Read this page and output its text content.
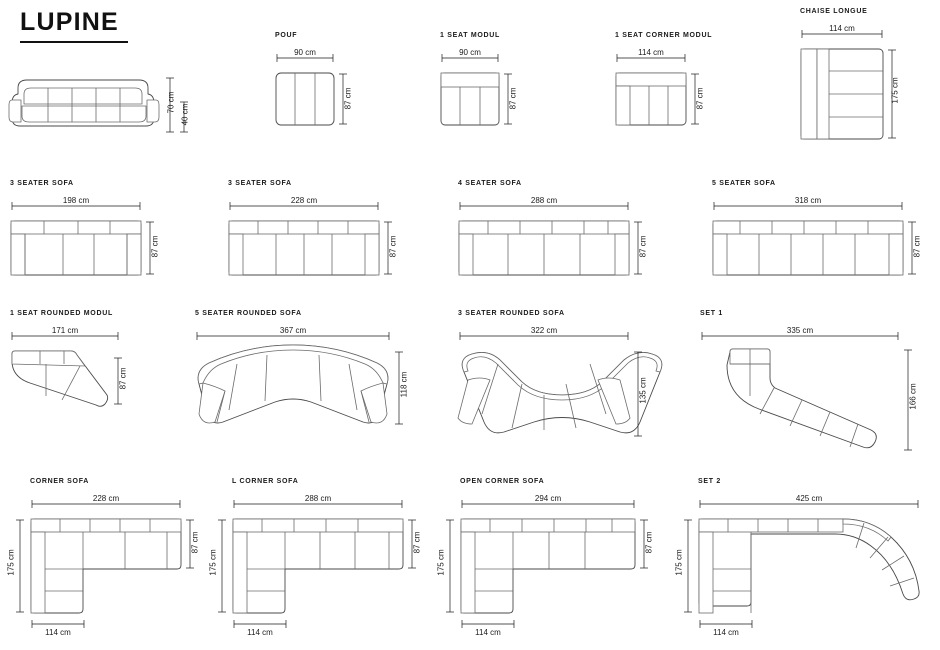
LUPINE
70 cm
40 cm
POUF
90 cm
87 cm
1 SEAT MODUL
90 cm
87 cm
1 SEAT CORNER MODUL
114 cm
87 cm
CHAISE LONGUE
114 cm
175 cm
3 SEATER SOFA
198 cm
87 cm
3 SEATER SOFA
228 cm
87 cm
4 SEATER SOFA
288 cm
87 cm
5 SEATER SOFA
318 cm
87 cm
1 SEAT ROUNDED MODUL
171 cm
87 cm
5 SEATER ROUNDED SOFA
367 cm
118 cm
3 SEATER ROUNDED SOFA
322 cm
135 cm
SET 1
335 cm
166 cm
CORNER SOFA
228 cm
175 cm
87 cm
114 cm
L CORNER SOFA
288 cm
175 cm
87 cm
114 cm
OPEN CORNER SOFA
294 cm
175 cm
87 cm
114 cm
SET 2
425 cm
175 cm
114 cm
